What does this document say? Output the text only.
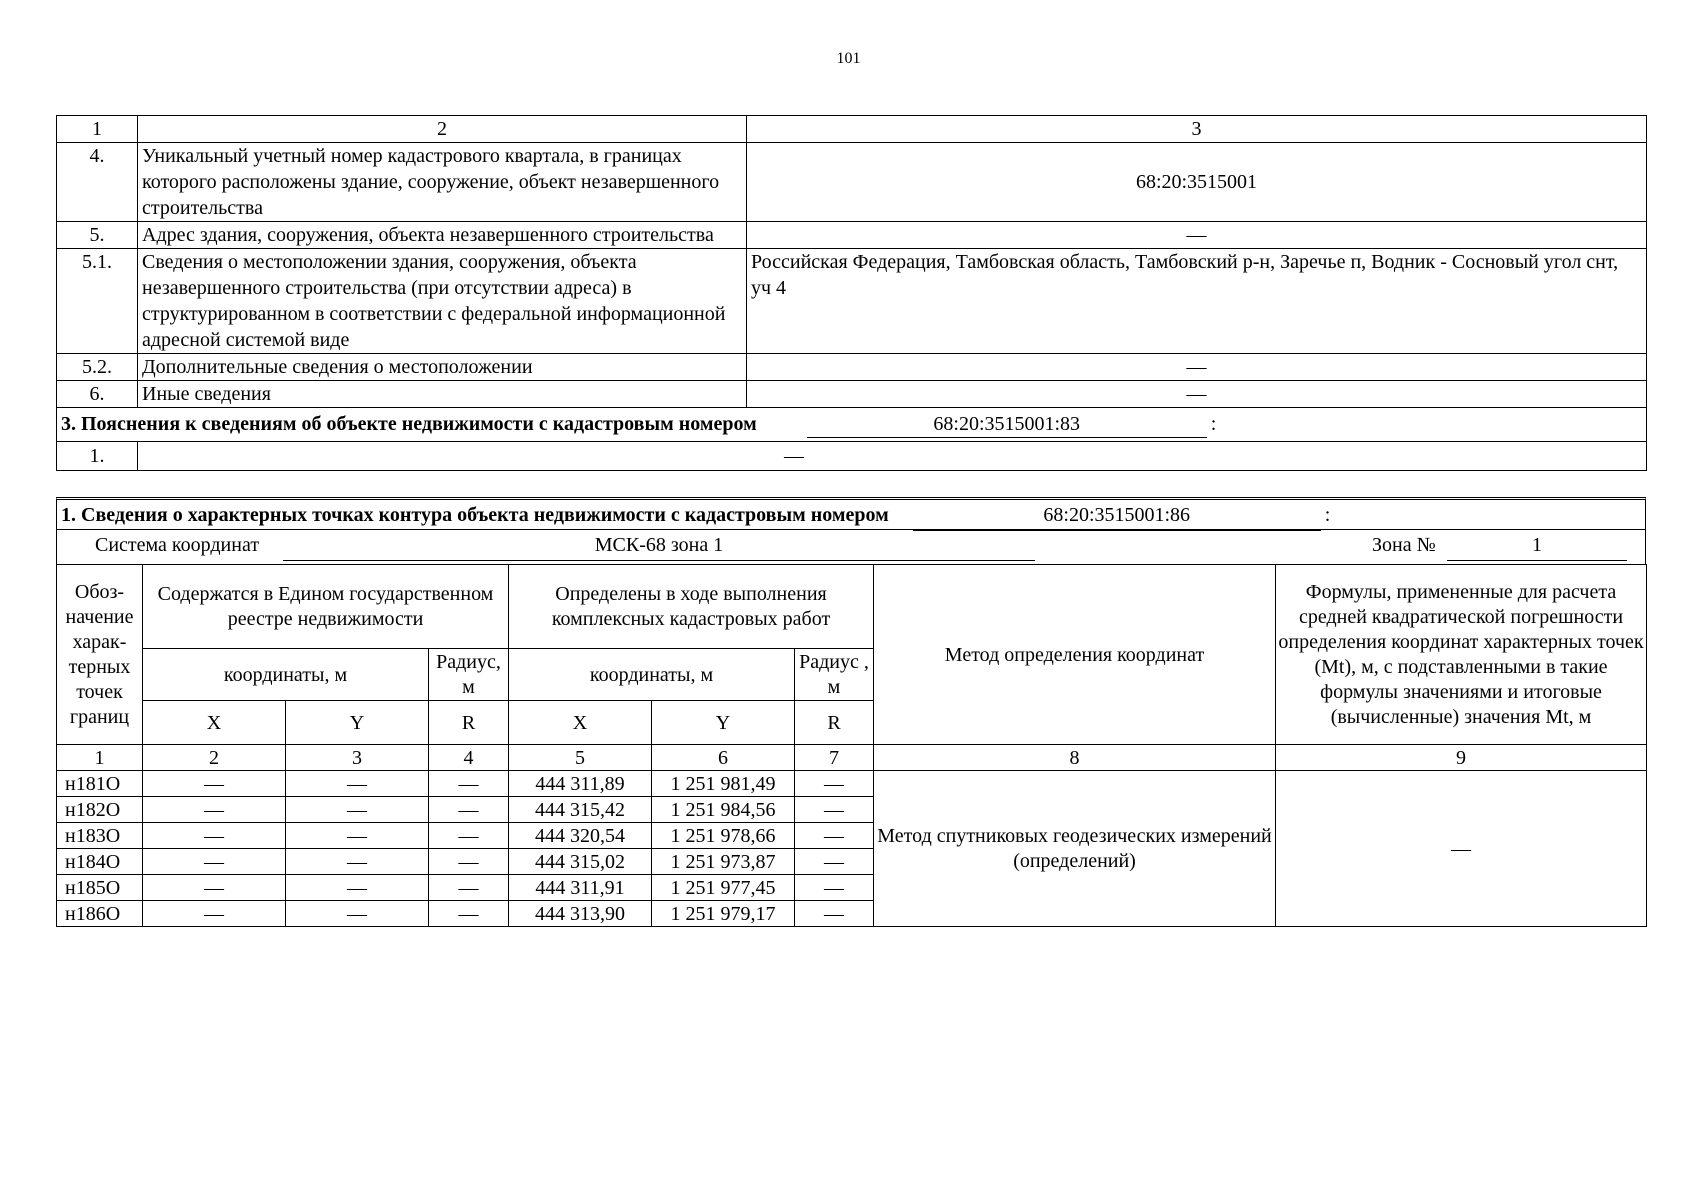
101
1	2	3
4.	Уникальный учетный номер кадастрового квартала, в границах которого расположены здание, сооружение, объект незавершенного строительства	68:20:3515001
5.	Адрес здания, сооружения, объекта незавершенного строительства	—
5.1.	Сведения о местоположении здания, сооружения, объекта незавершенного строительства (при отсутствии адреса) в структурированном в соответствии с федеральной информационной адресной системой виде	Российская Федерация, Тамбовская область, Тамбовский р-н, Заречье п, Водник - Сосновый угол снт, уч 4
5.2.	Дополнительные сведения о местоположении	—
6.	Иные сведения	—
3. Пояснения к сведениям об объекте недвижимости с кадастровым номером 68:20:3515001:83 :		
1.	—	
1. Сведения о характерных точках контура объекта недвижимости с кадастровым номером	68:20:3515001:86	:
Система координат	МСК-68 зона 1	Зона №	1
Обоз-начение харак-терных точек границ	Содержатся в Едином государственном реестре недвижимости			Определены в ходе выполнения комплексных кадастровых работ			Метод определения координат	Формулы, примененные для расчета средней квадратической погрешности определения координат характерных точек (Mt), м, с подставленными в такие формулы значениями и итоговые (вычисленные) значения Mt, м
	координаты, м		Радиус, м	координаты, м		Радиус , м		
	X	Y	R	X	Y	R		
1	2	3	4	5	6	7	8	9
н181О	—	—	—	444 311,89	1 251 981,49	—	Метод спутниковых геодезических измерений (определений)	—
н182О	—	—	—	444 315,42	1 251 984,56	—		
н183О	—	—	—	444 320,54	1 251 978,66	—		
н184О	—	—	—	444 315,02	1 251 973,87	—		
н185О	—	—	—	444 311,91	1 251 977,45	—		
н186О	—	—	—	444 313,90	1 251 979,17	—		
